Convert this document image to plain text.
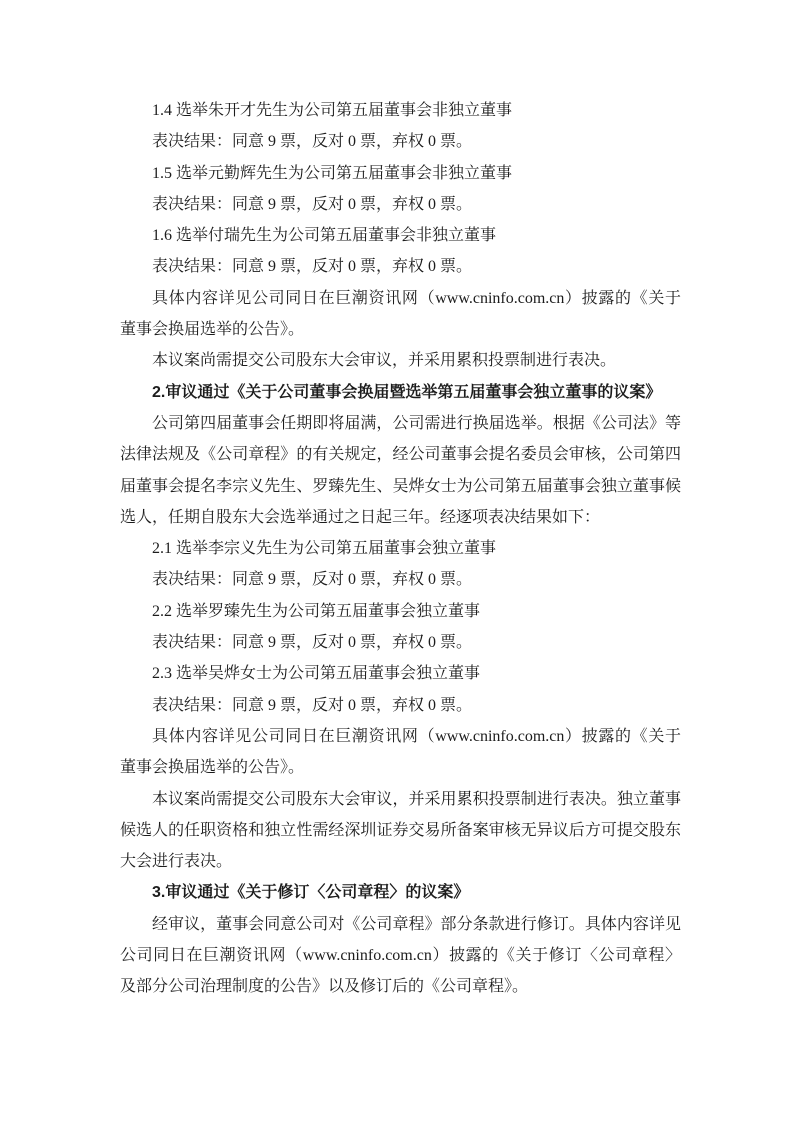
1.4 选举朱开才先生为公司第五届董事会非独立董事

表决结果：同意 9 票，反对 0 票，弃权 0 票。

1.5 选举元勤辉先生为公司第五届董事会非独立董事

表决结果：同意 9 票，反对 0 票，弃权 0 票。

1.6 选举付瑞先生为公司第五届董事会非独立董事

表决结果：同意 9 票，反对 0 票，弃权 0 票。

具体内容详见公司同日在巨潮资讯网（www.cninfo.com.cn）披露的《关于董事会换届选举的公告》。

本议案尚需提交公司股东大会审议，并采用累积投票制进行表决。

2.审议通过《关于公司董事会换届暨选举第五届董事会独立董事的议案》

公司第四届董事会任期即将届满，公司需进行换届选举。根据《公司法》等法律法规及《公司章程》的有关规定，经公司董事会提名委员会审核，公司第四届董事会提名李宗义先生、罗臻先生、吴烨女士为公司第五届董事会独立董事候选人，任期自股东大会选举通过之日起三年。经逐项表决结果如下：

2.1 选举李宗义先生为公司第五届董事会独立董事

表决结果：同意 9 票，反对 0 票，弃权 0 票。

2.2 选举罗臻先生为公司第五届董事会独立董事

表决结果：同意 9 票，反对 0 票，弃权 0 票。

2.3 选举吴烨女士为公司第五届董事会独立董事

表决结果：同意 9 票，反对 0 票，弃权 0 票。

具体内容详见公司同日在巨潮资讯网（www.cninfo.com.cn）披露的《关于董事会换届选举的公告》。

本议案尚需提交公司股东大会审议，并采用累积投票制进行表决。独立董事候选人的任职资格和独立性需经深圳证券交易所备案审核无异议后方可提交股东大会进行表决。

3.审议通过《关于修订〈公司章程〉的议案》

经审议，董事会同意公司对《公司章程》部分条款进行修订。具体内容详见公司同日在巨潮资讯网（www.cninfo.com.cn）披露的《关于修订〈公司章程〉及部分公司治理制度的公告》以及修订后的《公司章程》。
